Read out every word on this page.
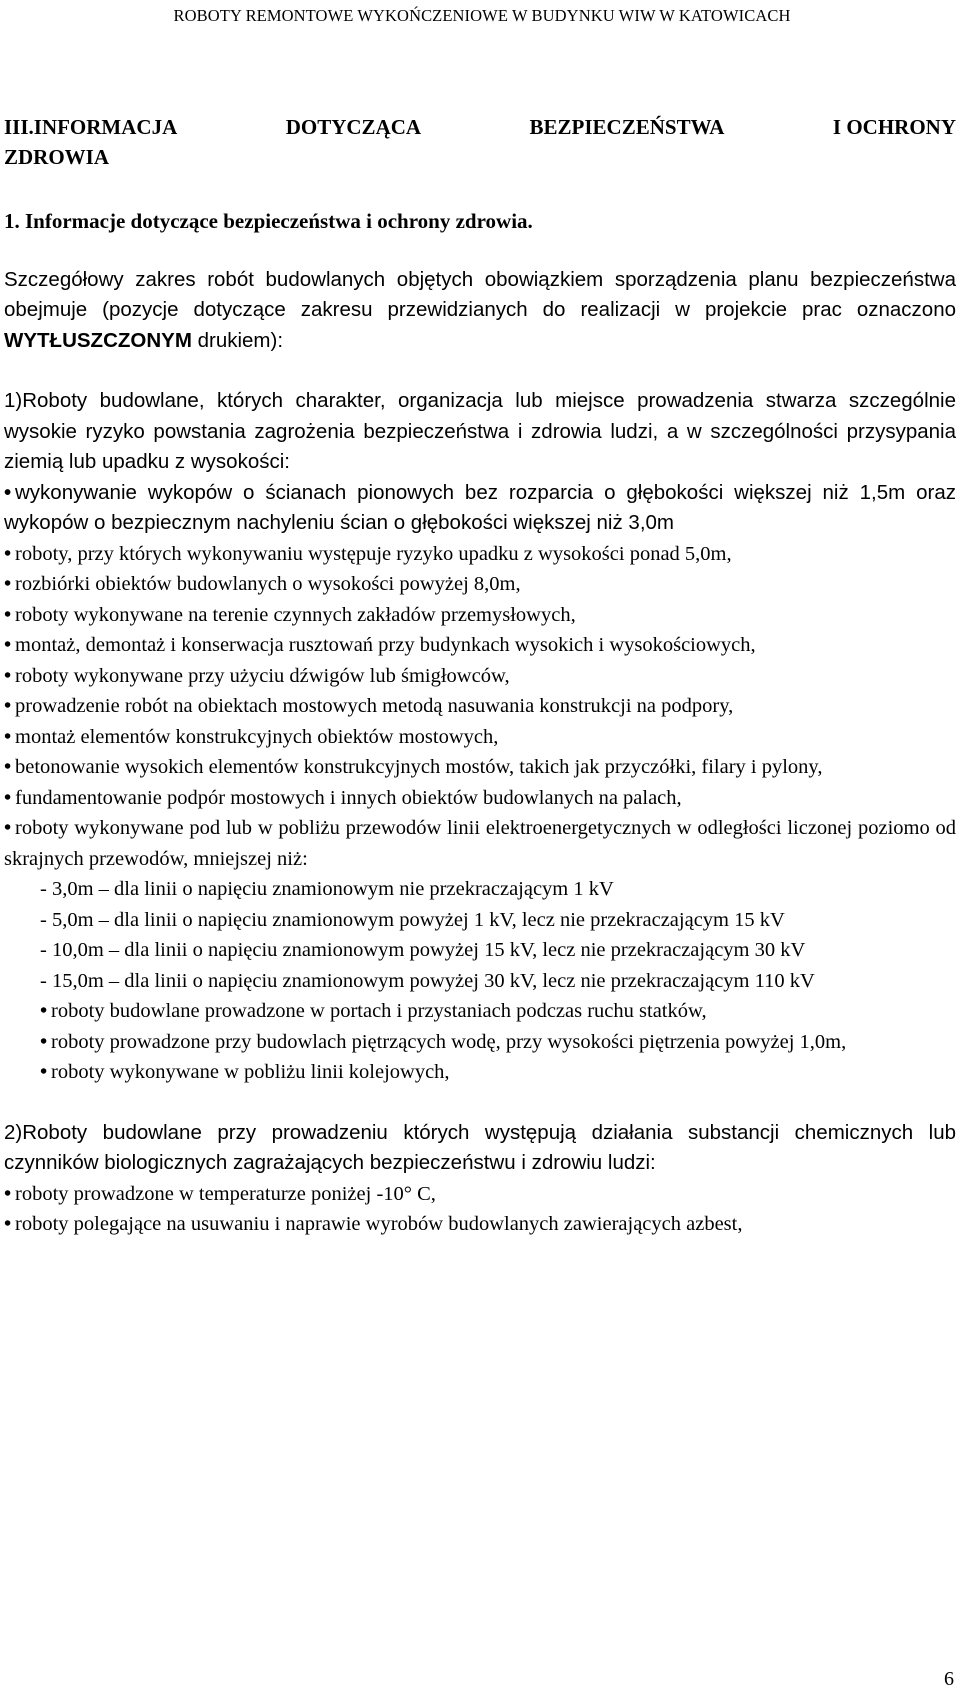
ROBOTY REMONTOWE WYKOŃCZENIOWE W BUDYNKU WIW W KATOWICACH
III.INFORMACJA	DOTYCZĄCA	BEZPIECZEŃSTWA	I OCHRONY
ZDROWIA
1. Informacje dotyczące bezpieczeństwa i ochrony zdrowia.

Szczegółowy zakres robót budowlanych objętych obowiązkiem sporządzenia planu bezpieczeństwa obejmuje (pozycje dotyczące zakresu przewidzianych do realizacji w projekcie prac oznaczono WYTŁUSZCZONYM drukiem):

1)Roboty budowlane, których charakter, organizacja lub miejsce prowadzenia stwarza szczególnie wysokie ryzyko powstania zagrożenia bezpieczeństwa i zdrowia ludzi, a w szczególności przysypania ziemią lub upadku z wysokości:

• wykonywanie wykopów o ścianach pionowych bez rozparcia o głębokości większej niż 1,5m oraz wykopów o bezpiecznym nachyleniu ścian o głębokości większej niż 3,0m

• roboty, przy których wykonywaniu występuje ryzyko upadku z wysokości ponad 5,0m,

• rozbiórki obiektów budowlanych o wysokości powyżej 8,0m,

• roboty wykonywane na terenie czynnych zakładów przemysłowych,

• montaż, demontaż i konserwacja rusztowań przy budynkach wysokich i wysokościowych,

• roboty wykonywane przy użyciu dźwigów lub śmigłowców,

• prowadzenie robót na obiektach mostowych metodą nasuwania konstrukcji na podpory,

• montaż elementów konstrukcyjnych obiektów mostowych,

• betonowanie wysokich elementów konstrukcyjnych mostów, takich jak przyczółki, filary i pylony,

• fundamentowanie podpór mostowych i innych obiektów budowlanych na palach,

• roboty wykonywane pod lub w pobliżu przewodów linii elektroenergetycznych w odległości liczonej poziomo od skrajnych przewodów, mniejszej niż:

- 3,0m – dla linii o napięciu znamionowym nie przekraczającym 1 kV

- 5,0m – dla linii o napięciu znamionowym powyżej 1 kV, lecz nie przekraczającym 15 kV

- 10,0m – dla linii o napięciu znamionowym powyżej 15 kV, lecz nie przekraczającym 30 kV

- 15,0m – dla linii o napięciu znamionowym powyżej 30 kV, lecz nie przekraczającym 110 kV

• roboty budowlane prowadzone w portach i przystaniach podczas ruchu statków,

• roboty prowadzone przy budowlach piętrzących wodę, przy wysokości piętrzenia powyżej 1,0m,

• roboty wykonywane w pobliżu linii kolejowych,

2)Roboty budowlane przy prowadzeniu których występują działania substancji chemicznych lub czynników biologicznych zagrażających bezpieczeństwu i zdrowiu ludzi:

• roboty prowadzone w temperaturze poniżej -10° C,

• roboty polegające na usuwaniu i naprawie wyrobów budowlanych zawierających azbest,

6
